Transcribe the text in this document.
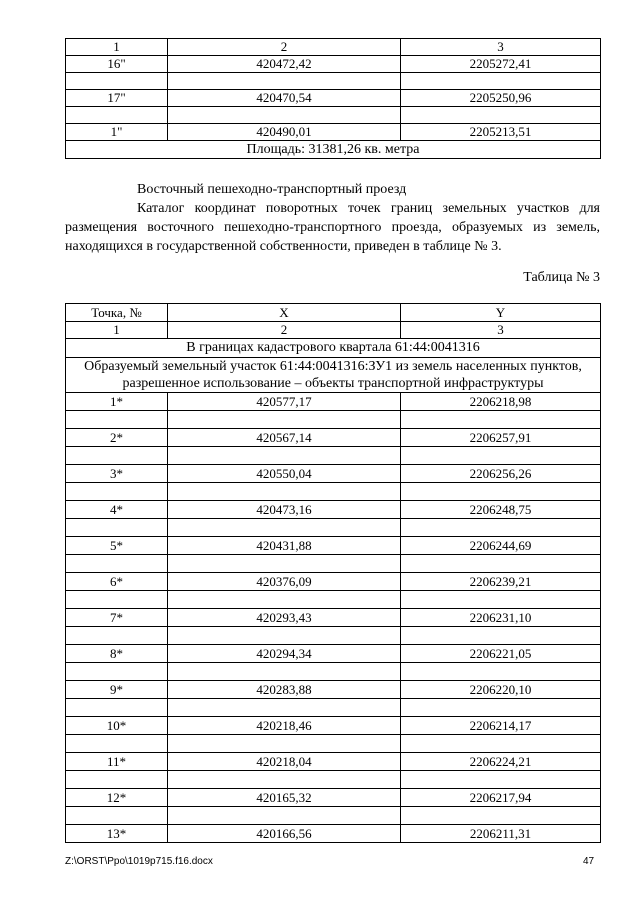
1	2	3
16"	420472,42	2205272,41

17"	420470,54	2205250,96

1"	420490,01	2205213,51
Площадь: 31381,26 кв. метра		
Восточный пешеходно-транспортный проезд
Каталог координат поворотных точек границ земельных участков для размещения восточного пешеходно-транспортного проезда, образуемых из земель, находящихся в государственной собственности, приведен в таблице № 3.
Таблица № 3
Точка, №	X	Y
1	2	3
В границах кадастрового квартала 61:44:0041316		
Образуемый земельный участок 61:44:0041316:ЗУ1 из земель населенных пунктов, разрешенное использование – объекты транспортной инфраструктуры		
1*	420577,17	2206218,98

2*	420567,14	2206257,91

3*	420550,04	2206256,26

4*	420473,16	2206248,75

5*	420431,88	2206244,69

6*	420376,09	2206239,21

7*	420293,43	2206231,10

8*	420294,34	2206221,05

9*	420283,88	2206220,10

10*	420218,46	2206214,17

11*	420218,04	2206224,21

12*	420165,32	2206217,94

13*	420166,56	2206211,31
Z:\ORST\Ppo\1019p715.f16.docx	47
